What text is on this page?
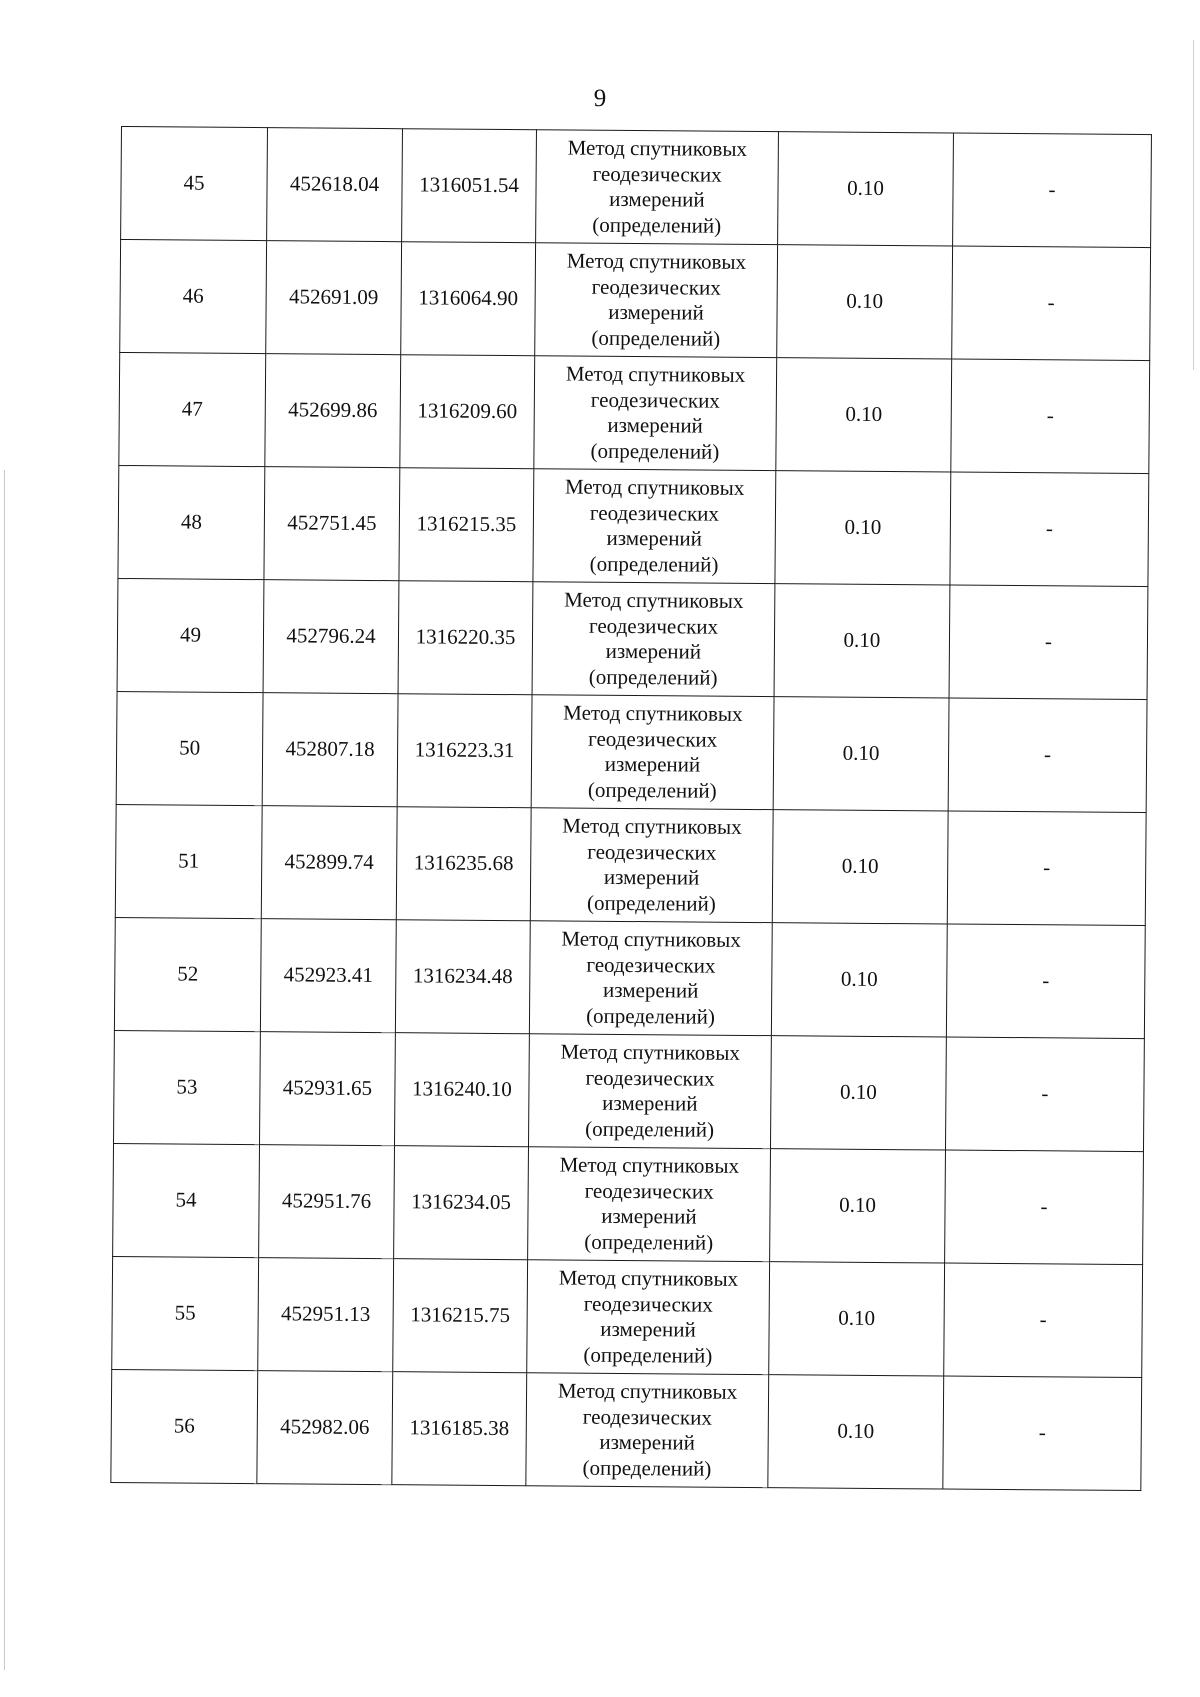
9
45	452618.04	1316051.54	Метод спутниковых
геодезических
измерений
(определений)	0.10	-
46	452691.09	1316064.90	Метод спутниковых
геодезических
измерений
(определений)	0.10	-
47	452699.86	1316209.60	Метод спутниковых
геодезических
измерений
(определений)	0.10	-
48	452751.45	1316215.35	Метод спутниковых
геодезических
измерений
(определений)	0.10	-
49	452796.24	1316220.35	Метод спутниковых
геодезических
измерений
(определений)	0.10	-
50	452807.18	1316223.31	Метод спутниковых
геодезических
измерений
(определений)	0.10	-
51	452899.74	1316235.68	Метод спутниковых
геодезических
измерений
(определений)	0.10	-
52	452923.41	1316234.48	Метод спутниковых
геодезических
измерений
(определений)	0.10	-
53	452931.65	1316240.10	Метод спутниковых
геодезических
измерений
(определений)	0.10	-
54	452951.76	1316234.05	Метод спутниковых
геодезических
измерений
(определений)	0.10	-
55	452951.13	1316215.75	Метод спутниковых
геодезических
измерений
(определений)	0.10	-
56	452982.06	1316185.38	Метод спутниковых
геодезических
измерений
(определений)	0.10	-
